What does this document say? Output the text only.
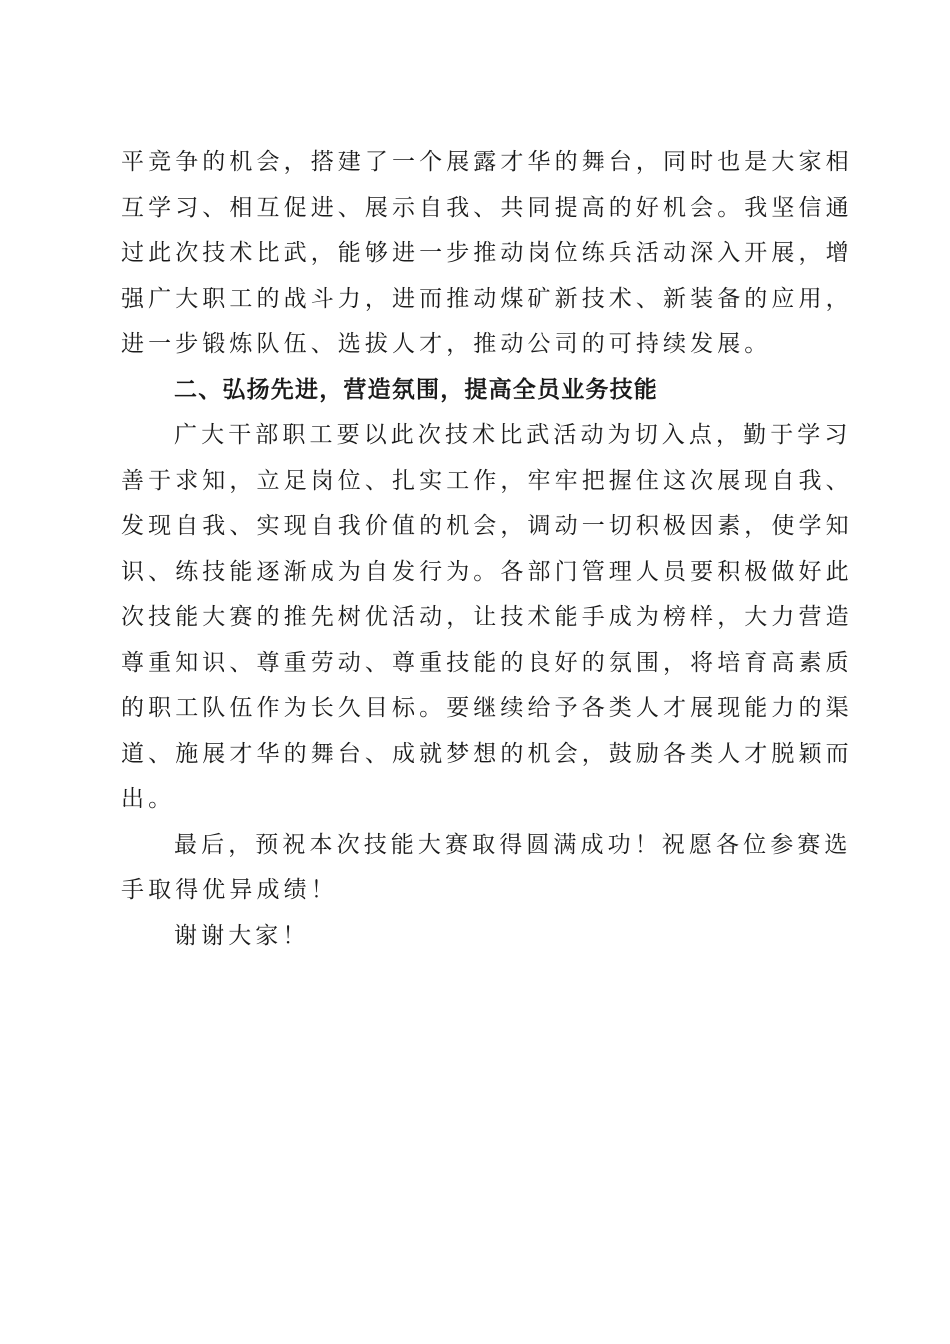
平竞争的机会，搭建了一个展露才华的舞台，同时也是大家相
互学习、相互促进、展示自我、共同提高的好机会。我坚信通
过此次技术比武，能够进一步推动岗位练兵活动深入开展，增
强广大职工的战斗力，进而推动煤矿新技术、新装备的应用，
进一步锻炼队伍、选拔人才，推动公司的可持续发展。

二、弘扬先进，营造氛围，提高全员业务技能

广大干部职工要以此次技术比武活动为切入点，勤于学习
善于求知，立足岗位、扎实工作，牢牢把握住这次展现自我、
发现自我、实现自我价值的机会，调动一切积极因素，使学知
识、练技能逐渐成为自发行为。各部门管理人员要积极做好此
次技能大赛的推先树优活动，让技术能手成为榜样，大力营造
尊重知识、尊重劳动、尊重技能的良好的氛围，将培育高素质
的职工队伍作为长久目标。要继续给予各类人才展现能力的渠
道、施展才华的舞台、成就梦想的机会，鼓励各类人才脱颖而
出。

最后，预祝本次技能大赛取得圆满成功！祝愿各位参赛选
手取得优异成绩！

谢谢大家！
